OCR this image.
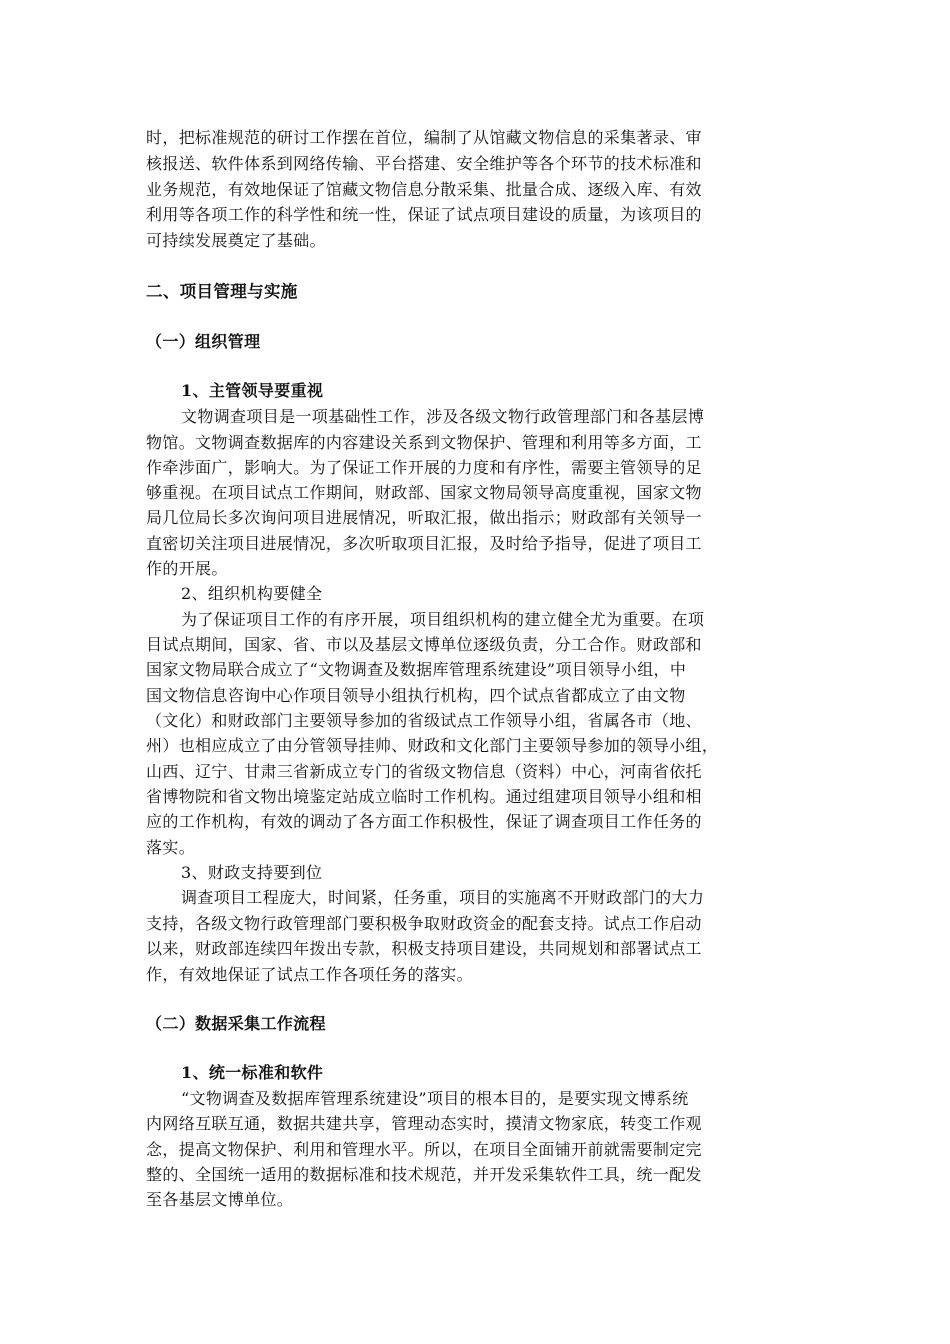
时，把标准规范的研讨工作摆在首位，编制了从馆藏文物信息的采集著录、审
核报送、软件体系到网络传输、平台搭建、安全维护等各个环节的技术标准和
业务规范，有效地保证了馆藏文物信息分散采集、批量合成、逐级入库、有效
利用等各项工作的科学性和统一性，保证了试点项目建设的质量，为该项目的
可持续发展奠定了基础。
二、项目管理与实施
（一）组织管理
1、主管领导要重视
文物调查项目是一项基础性工作，涉及各级文物行政管理部门和各基层博
物馆。文物调查数据库的内容建设关系到文物保护、管理和利用等多方面，工
作牵涉面广，影响大。为了保证工作开展的力度和有序性，需要主管领导的足
够重视。在项目试点工作期间，财政部、国家文物局领导高度重视，国家文物
局几位局长多次询问项目进展情况，听取汇报，做出指示；财政部有关领导一
直密切关注项目进展情况，多次听取项目汇报，及时给予指导，促进了项目工
作的开展。
2、组织机构要健全
为了保证项目工作的有序开展，项目组织机构的建立健全尤为重要。在项
目试点期间，国家、省、市以及基层文博单位逐级负责，分工合作。财政部和
国家文物局联合成立了“文物调查及数据库管理系统建设”项目领导小组，中
国文物信息咨询中心作项目领导小组执行机构，四个试点省都成立了由文物
（文化）和财政部门主要领导参加的省级试点工作领导小组，省属各市（地、
州）也相应成立了由分管领导挂帅、财政和文化部门主要领导参加的领导小组，
山西、辽宁、甘肃三省新成立专门的省级文物信息（资料）中心，河南省依托
省博物院和省文物出境鉴定站成立临时工作机构。通过组建项目领导小组和相
应的工作机构，有效的调动了各方面工作积极性，保证了调查项目工作任务的
落实。
3、财政支持要到位
调查项目工程庞大，时间紧，任务重，项目的实施离不开财政部门的大力
支持，各级文物行政管理部门要积极争取财政资金的配套支持。试点工作启动
以来，财政部连续四年拨出专款，积极支持项目建设，共同规划和部署试点工
作，有效地保证了试点工作各项任务的落实。
（二）数据采集工作流程
1、统一标准和软件
“文物调查及数据库管理系统建设”项目的根本目的，是要实现文博系统
内网络互联互通，数据共建共享，管理动态实时，摸清文物家底，转变工作观
念，提高文物保护、利用和管理水平。所以，在项目全面铺开前就需要制定完
整的、全国统一适用的数据标准和技术规范，并开发采集软件工具，统一配发
至各基层文博单位。
